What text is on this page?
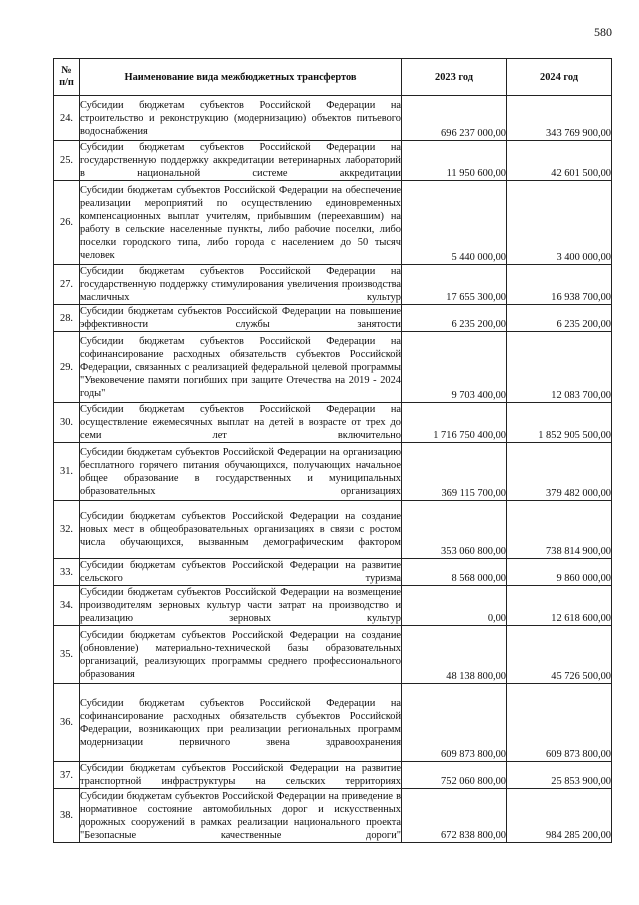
580
№
п/п	Наименование вида межбюджетных трансфертов	2023 год	2024 год
24.	Субсидии бюджетам субъектов Российской Федерации на строительство и реконструкцию (модернизацию) объектов питьевого водоснабжения	696 237 000,00	343 769 900,00
25.	Субсидии бюджетам субъектов Российской Федерации на государственную поддержку аккредитации ветеринарных лабораторий в национальной системе аккредитации	11 950 600,00	42 601 500,00
26.	Субсидии бюджетам субъектов Российской Федерации на обеспечение реализации мероприятий по осуществлению единовременных компенсационных выплат учителям, прибывшим (переехавшим) на работу в сельские населенные пункты, либо рабочие поселки, либо поселки городского типа, либо города с населением до 50 тысяч человек	5 440 000,00	3 400 000,00
27.	Субсидии бюджетам субъектов Российской Федерации на государственную поддержку стимулирования увеличения производства масличных культур	17 655 300,00	16 938 700,00
28.	Субсидии бюджетам субъектов Российской Федерации на повышение эффективности службы занятости	6 235 200,00	6 235 200,00
29.	Субсидии бюджетам субъектов Российской Федерации на софинансирование расходных обязательств субъектов Российской Федерации, связанных с реализацией федеральной целевой программы "Увековечение памяти погибших при защите Отечества на 2019 - 2024 годы"	9 703 400,00	12 083 700,00
30.	Субсидии бюджетам субъектов Российской Федерации на осуществление ежемесячных выплат на детей в возрасте от трех до семи лет включительно	1 716 750 400,00	1 852 905 500,00
31.	Субсидии бюджетам субъектов Российской Федерации на организацию бесплатного горячего питания обучающихся, получающих начальное общее образование в государственных и муниципальных образовательных организациях	369 115 700,00	379 482 000,00
32.	Субсидии бюджетам субъектов Российской Федерации на создание новых мест в общеобразовательных организациях в связи с ростом числа обучающихся, вызванным демографическим фактором	353 060 800,00	738 814 900,00
33.	Субсидии бюджетам субъектов Российской Федерации на развитие сельского туризма	8 568 000,00	9 860 000,00
34.	Субсидии бюджетам субъектов Российской Федерации на возмещение производителям зерновых культур части затрат на производство и реализацию зерновых культур	0,00	12 618 600,00
35.	Субсидии бюджетам субъектов Российской Федерации на создание (обновление) материально-технической базы образовательных организаций, реализующих программы среднего профессионального образования	48 138 800,00	45 726 500,00
36.	Субсидии бюджетам субъектов Российской Федерации на софинансирование расходных обязательств субъектов Российской Федерации, возникающих при реализации региональных программ модернизации первичного звена здравоохранения	609 873 800,00	609 873 800,00
37.	Субсидии бюджетам субъектов Российской Федерации на развитие транспортной инфраструктуры на сельских территориях	752 060 800,00	25 853 900,00
38.	Субсидии бюджетам субъектов Российской Федерации на приведение в нормативное состояние автомобильных дорог и искусственных дорожных сооружений в рамках реализации национального проекта "Безопасные качественные дороги"	672 838 800,00	984 285 200,00
